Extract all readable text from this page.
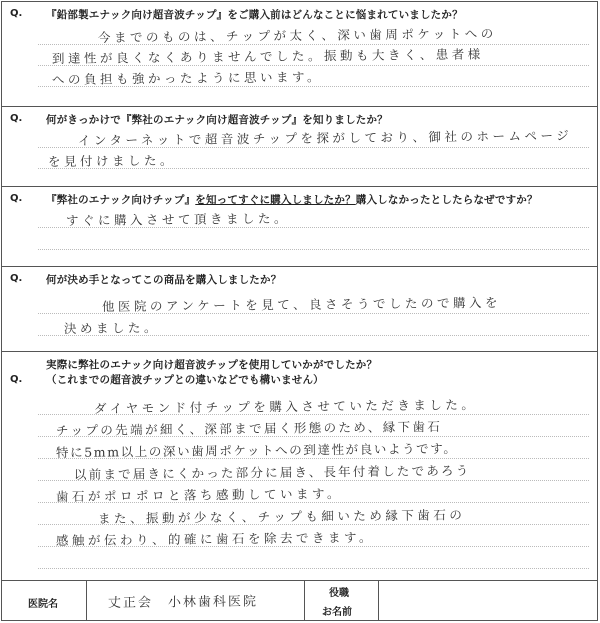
Q. 『鉛部製エナック向け超音波チップ』をご購入前はどんなことに悩まれていましたか？
今までのものは、チップが太く、深い歯周ポケットへの
到達性が良くなくありませんでした。振動も大きく、患者様
への負担も強かったように思います。
Q. 何がきっかけで『弊社のエナック向け超音波チップ』を知りましたか？
インターネットで超音波チップを探がしており、御社のホームページ
を見付けました。
Q. 『弊社のエナック向けチップ』を知ってすぐに購入しましたか？購入しなかったとしたらなぜですか？
すぐに購入させて頂きました。
Q. 何が決め手となってこの商品を購入しましたか？
他医院のアンケートを見て、良さそうでしたので購入を
決めました。
Q.
実際に弊社のエナック向け超音波チップを使用していかがでしたか？
（これまでの超音波チップとの違いなどでも構いません）
ダイヤモンド付チップを購入させていただきました。
チップの先端が細く、深部まで届く形態のため、縁下歯石
特に5mm以上の深い歯周ポケットへの到達性が良いようです。
以前まで届きにくかった部分に届き、長年付着したであろう
歯石がポロポロと落ち感動しています。
また、振動が少なく、チップも細いため縁下歯石の
感触が伝わり、的確に歯石を除去できます。
医院名	丈正会　小林歯科医院
役職
お名前
